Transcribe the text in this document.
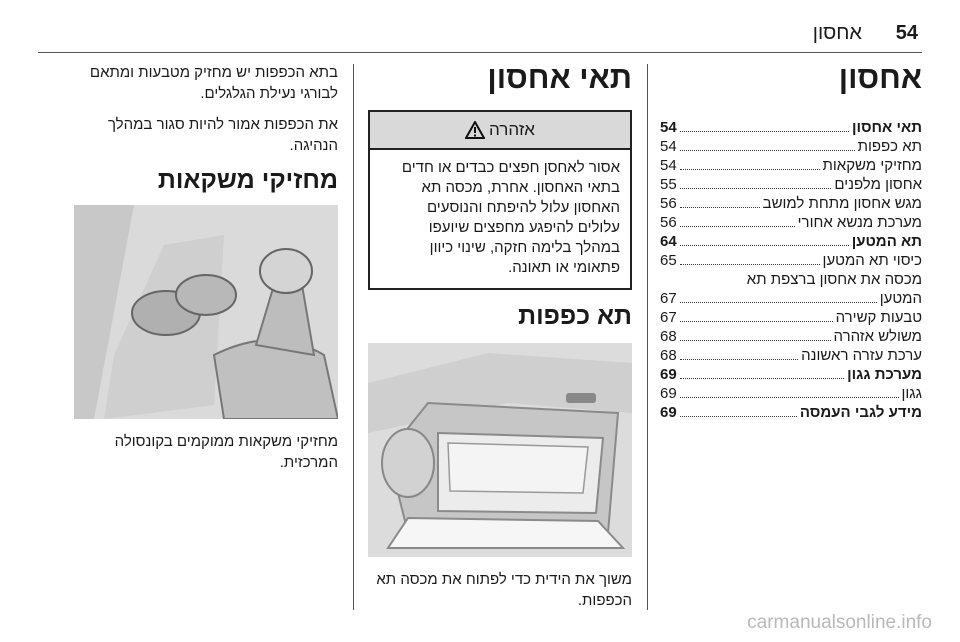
54
אחסון
אחסון
תאי אחסון
54
תא כפפות
54
מחזיקי משקאות
54
אחסון מלפנים
55
מגש אחסון מתחת למושב
56
מערכת מנשא אחורי
56
תא המטען
64
כיסוי תא המטען
65
מכסה את אחסון ברצפת תא
המטען
67
טבעות קשירה
67
משולש אזהרה
68
ערכת עזרה ראשונה
68
מערכת גגון
69
גגון
69
מידע לגבי העמסה
69
תאי אחסון
אזהרה
אסור לאחסן חפצים כבדים או חדים
בתאי האחסון. אחרת, מכסה תא
האחסון עלול להיפתח והנוסעים
עלולים להיפגע מחפצים שיועפו
במהלך בלימה חזקה, שינוי כיוון
פתאומי או תאונה.
תא כפפות
משוך את הידית כדי לפתוח את מכסה תא
הכפפות.

בתא הכפפות יש מחזיק מטבעות ומתאם
לבורגי נעילת הגלגלים.

את הכפפות אמור להיות סגור במהלך
הנהיגה.

מחזיקי משקאות
מחזיקי משקאות ממוקמים בקונסולה
המרכזית.
carmanualsonline.info
